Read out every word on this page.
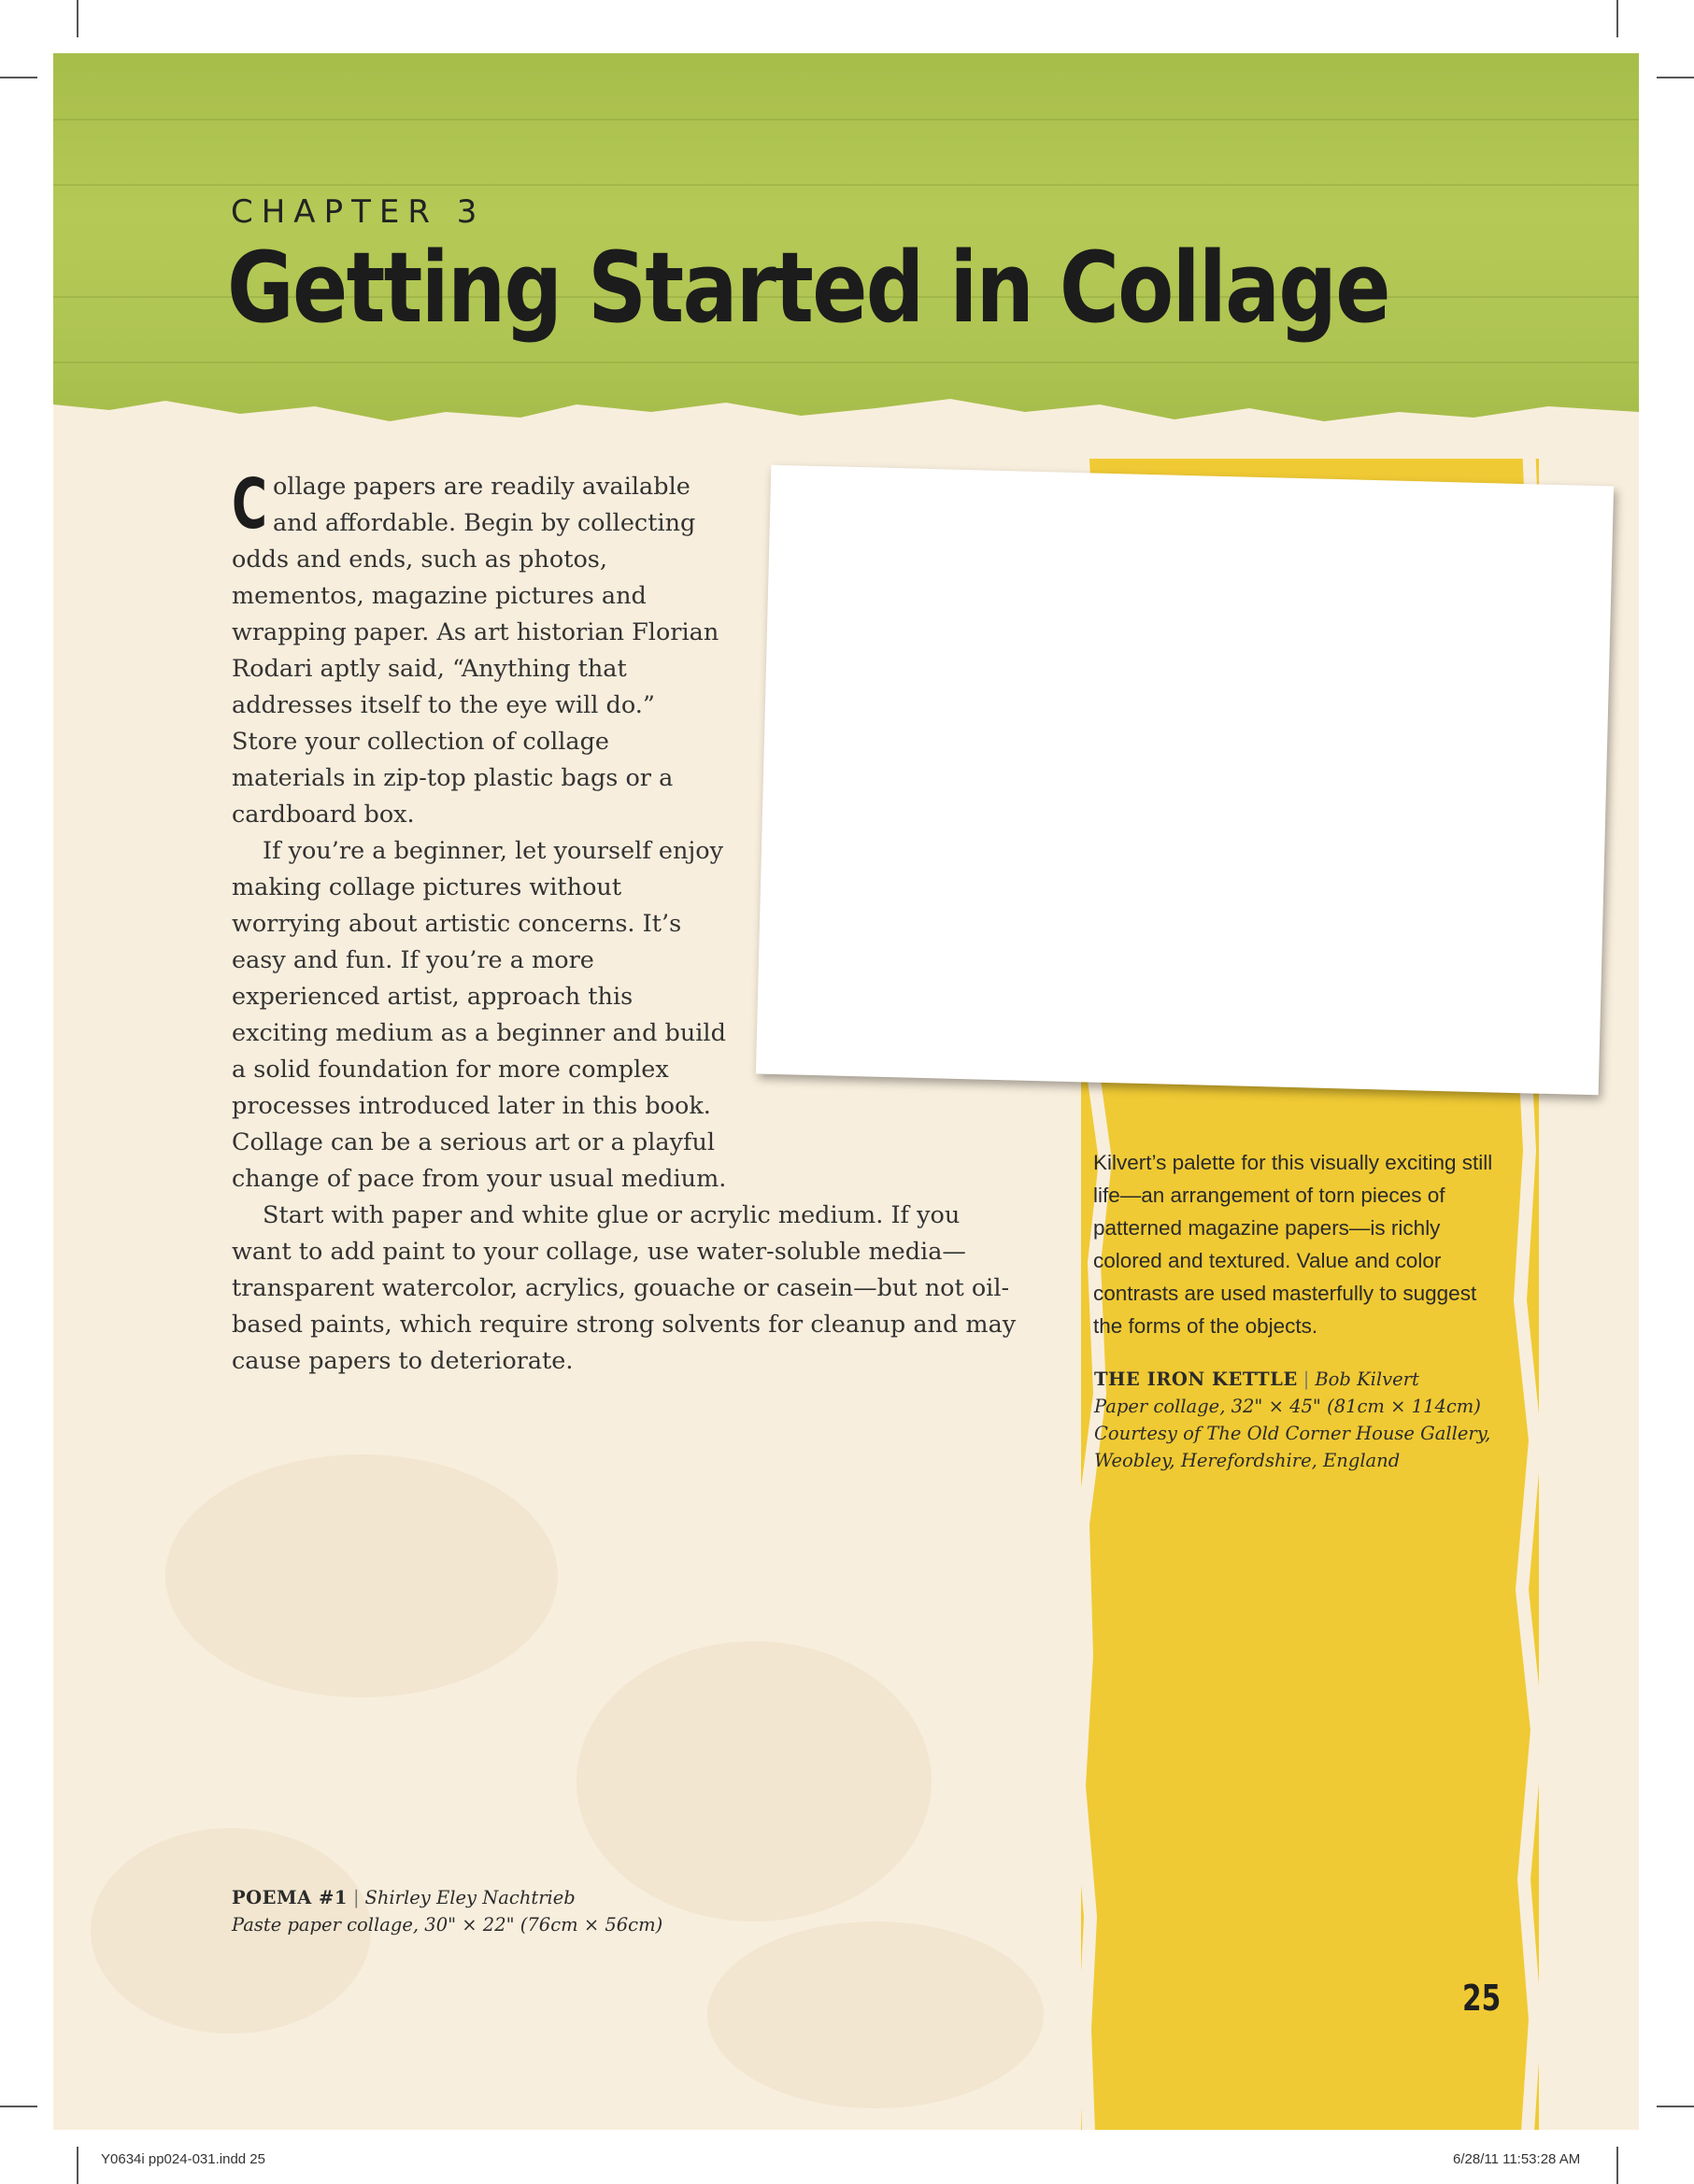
CHAPTER 3
Getting Started in Collage
Kilvert’s palette for this visually exciting still life—an arrangement of torn pieces of patterned magazine papers—is richly colored and textured. Value and color contrasts are used masterfully to suggest the forms of the objects.
THE IRON KETTLE | Bob Kilvert
Paper collage, 32" × 45" (81cm × 114cm)
Courtesy of The Old Corner House Gallery,
Weobley, Herefordshire, England
POEMA #1 | Shirley Eley Nachtrieb
Paste paper collage, 30" × 22" (76cm × 56cm)
25

Collage papers are readily available and affordable. Begin by collecting odds and ends, such as photos, mementos, magazine pictures and wrapping paper. As art historian Florian Rodari aptly said, “Anything that addresses itself to the eye will do.” Store your collection of collage materials in zip-top plastic bags or a cardboard box.

If you’re a beginner, let yourself enjoy making collage pictures without worrying about artistic concerns. It’s easy and fun. If you’re a more experienced artist, approach this exciting medium as a beginner and build a solid foundation for more complex processes introduced later in this book. Collage can be a serious art or a playful change of pace from your usual medium.

Start with paper and white glue or acrylic medium. If you want to add paint to your collage, use water-soluble media—transparent watercolor, acrylics, gouache or casein—but not oil-based paints, which require strong solvents for cleanup and may cause papers to deteriorate.

Y0634i pp024-031.indd 25	6/28/11 11:53:28 AM
